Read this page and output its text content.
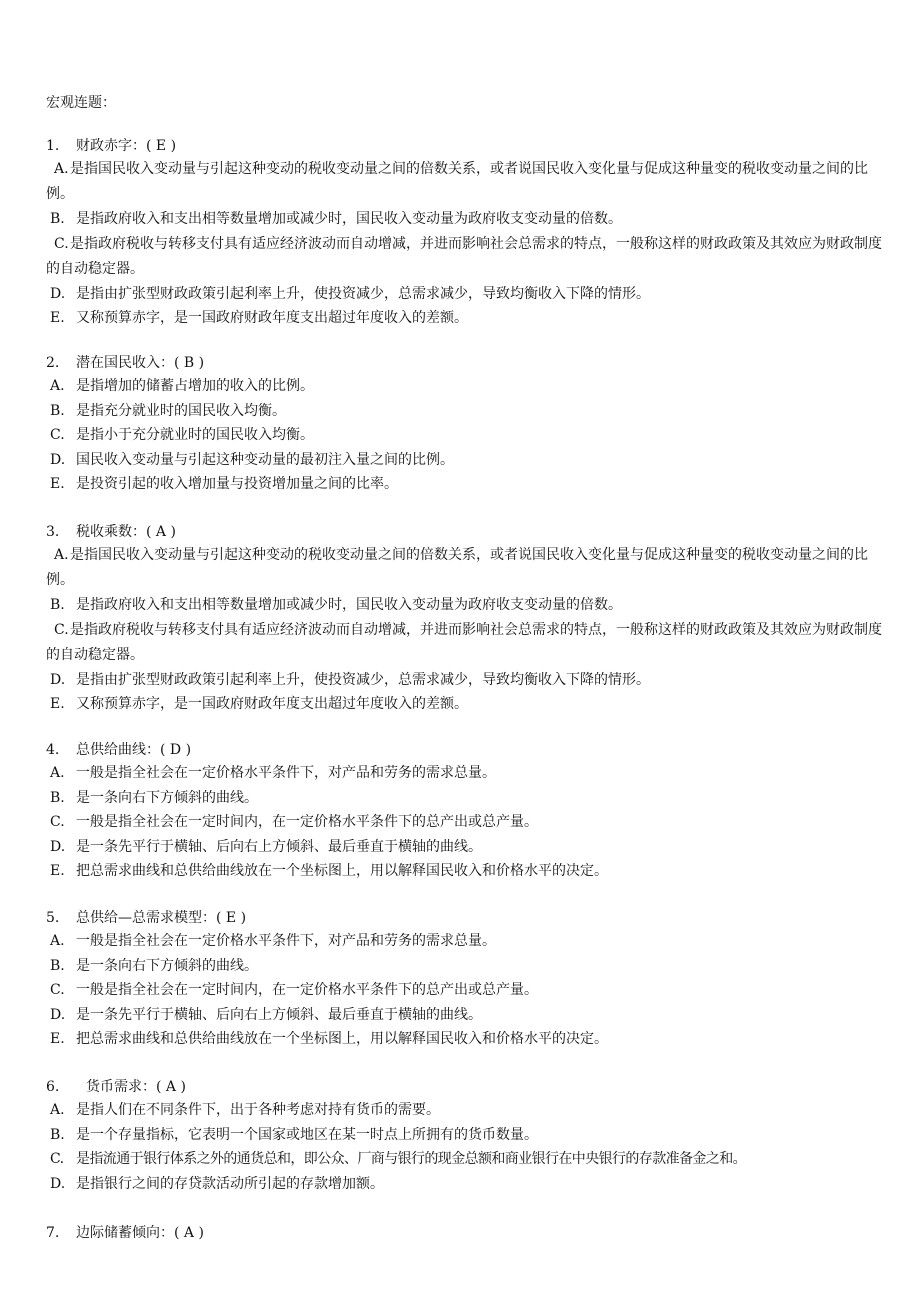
宏观连题：
1. 财政赤字：( E )
A.是指国民收入变动量与引起这种变动的税收变动量之间的倍数关系，或者说国民收入变化量与促成这种量变的税收变动量之间的比例。
B. 是指政府收入和支出相等数量增加或减少时，国民收入变动量为政府收支变动量的倍数。
C.是指政府税收与转移支付具有适应经济波动而自动增减，并进而影响社会总需求的特点，一般称这样的财政政策及其效应为财政制度的自动稳定器。
D. 是指由扩张型财政政策引起利率上升，使投资减少，总需求减少，导致均衡收入下降的情形。
E. 又称预算赤字，是一国政府财政年度支出超过年度收入的差额。
2. 潜在国民收入：( B )
A. 是指增加的储蓄占增加的收入的比例。
B. 是指充分就业时的国民收入均衡。
C. 是指小于充分就业时的国民收入均衡。
D. 国民收入变动量与引起这种变动量的最初注入量之间的比例。
E. 是投资引起的收入增加量与投资增加量之间的比率。
3. 税收乘数：( A )
A.是指国民收入变动量与引起这种变动的税收变动量之间的倍数关系，或者说国民收入变化量与促成这种量变的税收变动量之间的比例。
B. 是指政府收入和支出相等数量增加或减少时，国民收入变动量为政府收支变动量的倍数。
C.是指政府税收与转移支付具有适应经济波动而自动增减，并进而影响社会总需求的特点，一般称这样的财政政策及其效应为财政制度的自动稳定器。
D. 是指由扩张型财政政策引起利率上升，使投资减少，总需求减少，导致均衡收入下降的情形。
E. 又称预算赤字，是一国政府财政年度支出超过年度收入的差额。
4. 总供给曲线：( D )
A. 一般是指全社会在一定价格水平条件下，对产品和劳务的需求总量。
B. 是一条向右下方倾斜的曲线。
C. 一般是指全社会在一定时间内，在一定价格水平条件下的总产出或总产量。
D. 是一条先平行于横轴、后向右上方倾斜、最后垂直于横轴的曲线。
E. 把总需求曲线和总供给曲线放在一个坐标图上，用以解释国民收入和价格水平的决定。
5. 总供给—总需求模型：( E )
A. 一般是指全社会在一定价格水平条件下，对产品和劳务的需求总量。
B. 是一条向右下方倾斜的曲线。
C. 一般是指全社会在一定时间内，在一定价格水平条件下的总产出或总产量。
D. 是一条先平行于横轴、后向右上方倾斜、最后垂直于横轴的曲线。
E. 把总需求曲线和总供给曲线放在一个坐标图上，用以解释国民收入和价格水平的决定。
6. 货币需求：( A )
A. 是指人们在不同条件下，出于各种考虑对持有货币的需要。
B. 是一个存量指标，它表明一个国家或地区在某一时点上所拥有的货币数量。
C. 是指流通于银行体系之外的通货总和，即公众、厂商与银行的现金总额和商业银行在中央银行的存款准备金之和。
D. 是指银行之间的存贷款活动所引起的存款增加额。
7. 边际储蓄倾向：( A )
